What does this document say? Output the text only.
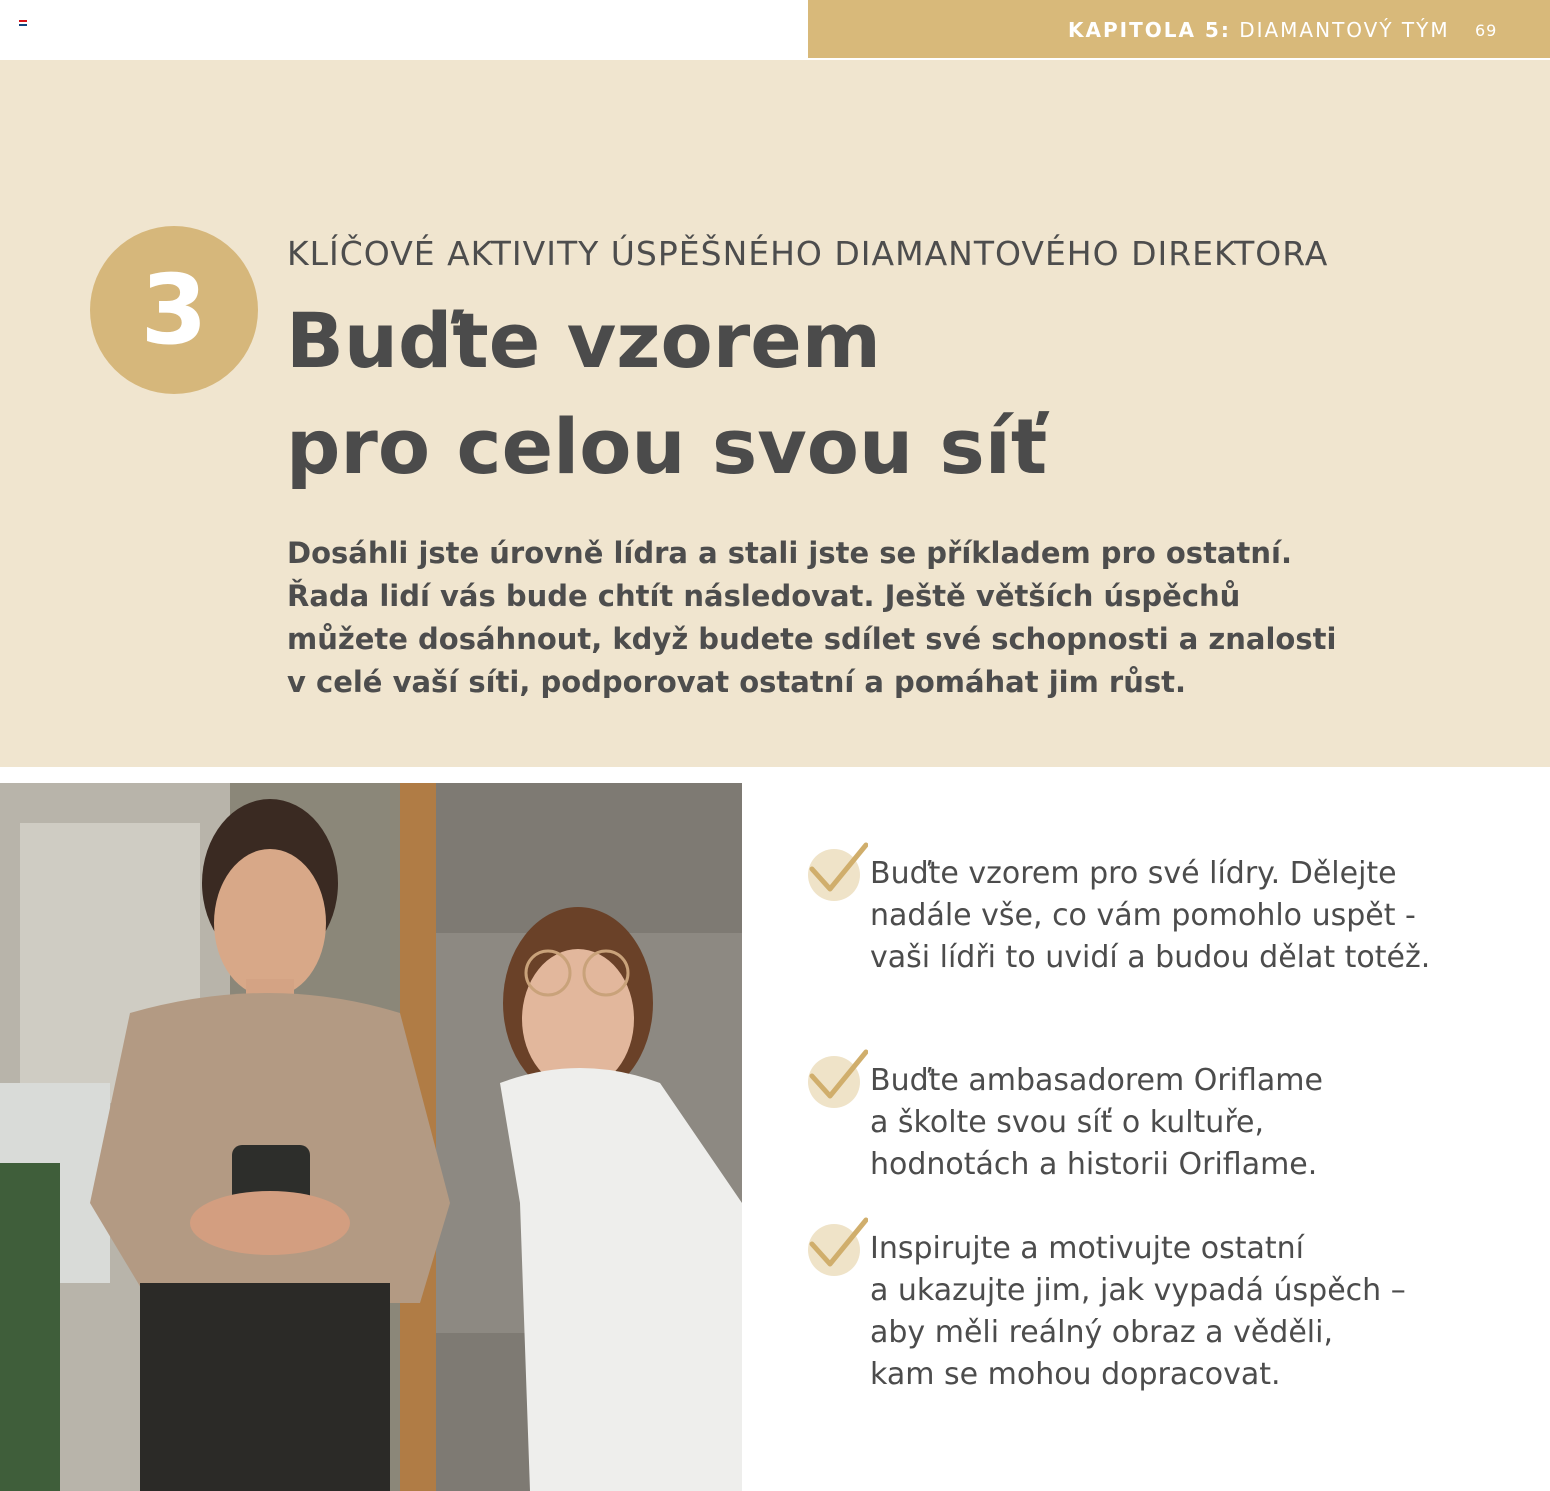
KAPITOLA 5: DIAMANTOVÝ TÝM 69
3
KLÍČOVÉ AKTIVITY ÚSPĚŠNÉHO DIAMANTOVÉHO DIREKTORA
Buďte vzorem
pro celou svou síť

Dosáhli jste úrovně lídra a stali jste se příkladem pro ostatní.
Řada lidí vás bude chtít následovat. Ještě větších úspěchů
můžete dosáhnout, když budete sdílet své schopnosti a znalosti
v celé vaší síti, podporovat ostatní a pomáhat jim růst.

Buďte vzorem pro své lídry. Dělejte
nadále vše, co vám pomohlo uspět -
vaši lídři to uvidí a budou dělat totéž.
Buďte ambasadorem Oriflame
a školte svou síť o kultuře,
hodnotách a historii Oriflame.
Inspirujte a motivujte ostatní
a ukazujte jim, jak vypadá úspěch –
aby měli reálný obraz a věděli,
kam se mohou dopracovat.
